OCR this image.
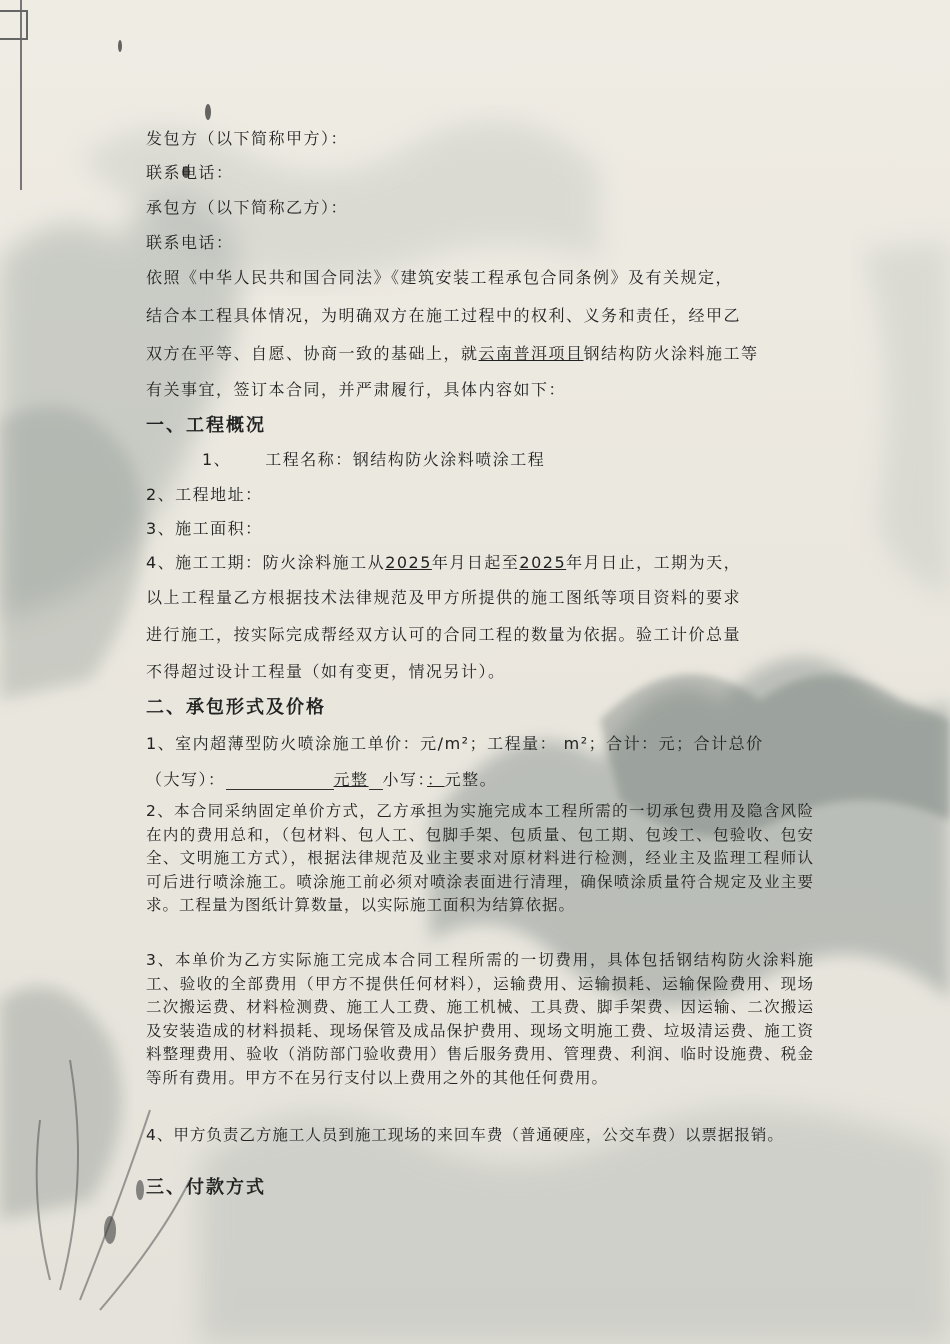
发包方（以下简称甲方）：
联系电话：
承包方（以下简称乙方）：
联系电话：
依照《中华人民共和国合同法》《建筑安装工程承包合同条例》及有关规定，
结合本工程具体情况，为明确双方在施工过程中的权利、义务和责任，经甲乙
双方在平等、自愿、协商一致的基础上，就云南普洱项目钢结构防火涂料施工等
有关事宜，签订本合同，并严肃履行，具体内容如下：
一、工程概况
1、 工程名称：钢结构防火涂料喷涂工程
2、工程地址：
3、施工面积：
4、施工工期：防火涂料施工从2025年月日起至2025年月日止，工期为天，
以上工程量乙方根据技术法律规范及甲方所提供的施工图纸等项目资料的要求
进行施工，按实际完成帮经双方认可的合同工程的数量为依据。验工计价总量
不得超过设计工程量（如有变更，情况另计）。
二、承包形式及价格
1、室内超薄型防火喷涂施工单价：元/m²；工程量： m²；合计：元；合计总价
（大写）：	元整 小写：：元整。
2、本合同采纳固定单价方式，乙方承担为实施完成本工程所需的一切承包费用及隐含风险在内的费用总和，（包材料、包人工、包脚手架、包质量、包工期、包竣工、包验收、包安全、文明施工方式），根据法律规范及业主要求对原材料进行检测，经业主及监理工程师认可后进行喷涂施工。喷涂施工前必须对喷涂表面进行清理，确保喷涂质量符合规定及业主要求。工程量为图纸计算数量，以实际施工面积为结算依据。
3、本单价为乙方实际施工完成本合同工程所需的一切费用，具体包括钢结构防火涂料施工、验收的全部费用（甲方不提供任何材料），运输费用、运输损耗、运输保险费用、现场二次搬运费、材料检测费、施工人工费、施工机械、工具费、脚手架费、因运输、二次搬运及安装造成的材料损耗、现场保管及成品保护费用、现场文明施工费、垃圾清运费、施工资料整理费用、验收（消防部门验收费用）售后服务费用、管理费、利润、临时设施费、税金等所有费用。甲方不在另行支付以上费用之外的其他任何费用。
4、甲方负责乙方施工人员到施工现场的来回车费（普通硬座，公交车费）以票据报销。
三、付款方式
